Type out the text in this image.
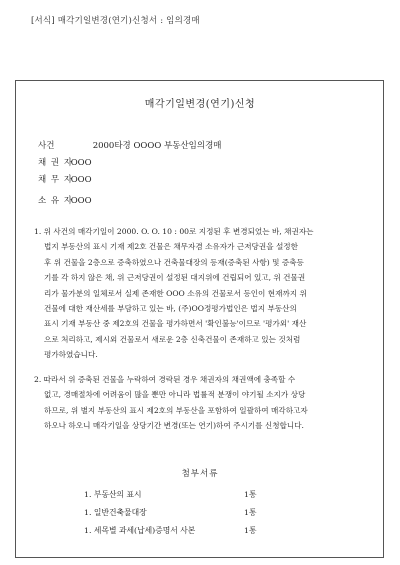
[서식] 매각기일변경(연기)신청서 : 임의경매
매각기일변경(연기)신청
사건	2000타경 OOOO 부동산임의경매
채 권 자 OOO
채 무 자 OOO
소 유 자 OOO
1. 위 사건의 매각기일이 2000. O. O. 10 : 00로 지정된 후 변경되었는 바, 채권자는
법지 부동산의 표시 기재 제2호 건물은 채무자겸 소유자가 근저당권을 설정한
후 위 건물을 2층으로 증축하였으나 건축물대장의 등재(증축된 사항) 및 증축등
기를 각 하지 않은 채, 위 근저당권이 설정된 대지위에 건립되어 있고, 위 건물권
리가 물가분의 일체로서 실제 존재한 OOO 소유의 건물로서 등인이 현재까지 위
건물에 대한 재산세를 부담하고 있는 바, (주)OO정평가법인은 법지 부동산의
표시 기재 부동산 중 제2호의 건물을 평가하면서 '확인불능'이므로 '평가외' 재산
으로 처리하고, 제시외 건물로서 새로운 2층 신축건물이 존재하고 있는 것처럼
평가하였습니다.
2. 따라서 위 증축된 건물을 누락하여 경락된 경우 채권자의 채권액에 충족할 수
없고, 경매절차에 어려움이 많을 뿐만 아니라 법률적 분쟁이 야기될 소지가 상당
하므로, 위 별지 부동산의 표시 제2호의 부동산을 포함하여 일괄하여 매각하고자
하오나 하오니 매각기일을 상당기간 변경(또는 연기)하여 주시기를 신청합니다.
첨부서류
1. 부동산의 표시	1통
1. 일반건축물대장	1통
1. 세목별 과세(납세)증명서 사본	1통
